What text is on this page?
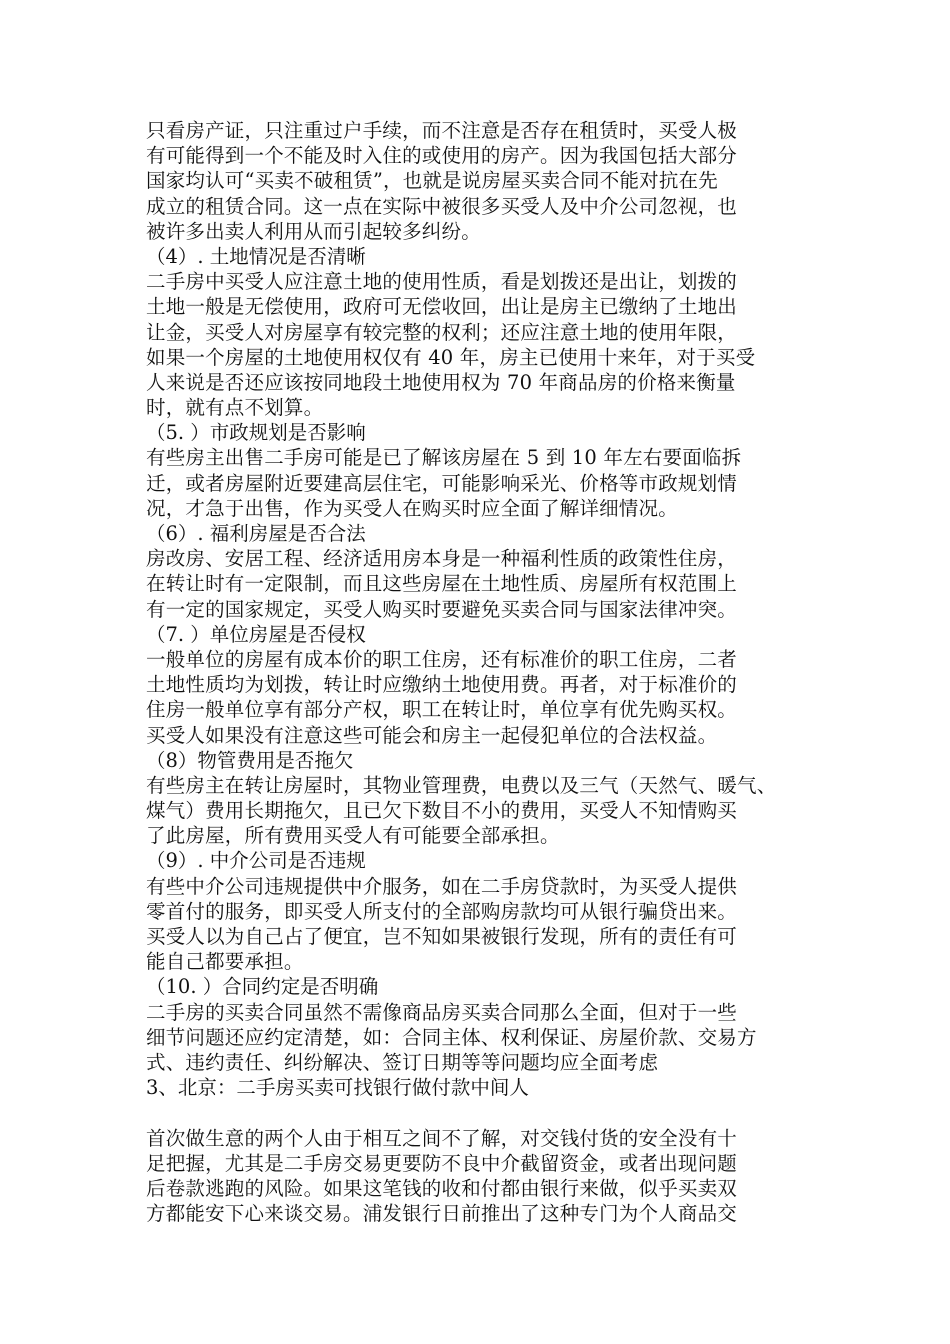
只看房产证，只注重过户手续，而不注意是否存在租赁时，买受人极
有可能得到一个不能及时入住的或使用的房产。因为我国包括大部分
国家均认可“买卖不破租赁”，也就是说房屋买卖合同不能对抗在先
成立的租赁合同。这一点在实际中被很多买受人及中介公司忽视，也
被许多出卖人利用从而引起较多纠纷。
（4）. 土地情况是否清晰
二手房中买受人应注意土地的使用性质，看是划拨还是出让，划拨的
土地一般是无偿使用，政府可无偿收回，出让是房主已缴纳了土地出
让金，买受人对房屋享有较完整的权利；还应注意土地的使用年限，
如果一个房屋的土地使用权仅有 40 年，房主已使用十来年，对于买受
人来说是否还应该按同地段土地使用权为 70 年商品房的价格来衡量
时，就有点不划算。
（5. ）市政规划是否影响
有些房主出售二手房可能是已了解该房屋在 5 到 10 年左右要面临拆
迁，或者房屋附近要建高层住宅，可能影响采光、价格等市政规划情
况，才急于出售，作为买受人在购买时应全面了解详细情况。
（6）. 福利房屋是否合法
房改房、安居工程、经济适用房本身是一种福利性质的政策性住房，
在转让时有一定限制，而且这些房屋在土地性质、房屋所有权范围上
有一定的国家规定，买受人购买时要避免买卖合同与国家法律冲突。
（7. ）单位房屋是否侵权
一般单位的房屋有成本价的职工住房，还有标准价的职工住房，二者
土地性质均为划拨，转让时应缴纳土地使用费。再者，对于标准价的
住房一般单位享有部分产权，职工在转让时，单位享有优先购买权。
买受人如果没有注意这些可能会和房主一起侵犯单位的合法权益。
（8）物管费用是否拖欠
有些房主在转让房屋时，其物业管理费，电费以及三气（天然气、暖气、
煤气）费用长期拖欠，且已欠下数目不小的费用，买受人不知情购买
了此房屋，所有费用买受人有可能要全部承担。
（9）. 中介公司是否违规
有些中介公司违规提供中介服务，如在二手房贷款时，为买受人提供
零首付的服务，即买受人所支付的全部购房款均可从银行骗贷出来。
买受人以为自己占了便宜，岂不知如果被银行发现，所有的责任有可
能自己都要承担。
（10. ）合同约定是否明确
二手房的买卖合同虽然不需像商品房买卖合同那么全面，但对于一些
细节问题还应约定清楚，如：合同主体、权利保证、房屋价款、交易方
式、违约责任、纠纷解决、签订日期等等问题均应全面考虑
3、北京：二手房买卖可找银行做付款中间人
首次做生意的两个人由于相互之间不了解，对交钱付货的安全没有十
足把握，尤其是二手房交易更要防不良中介截留资金，或者出现问题
后卷款逃跑的风险。如果这笔钱的收和付都由银行来做，似乎买卖双
方都能安下心来谈交易。浦发银行日前推出了这种专门为个人商品交
